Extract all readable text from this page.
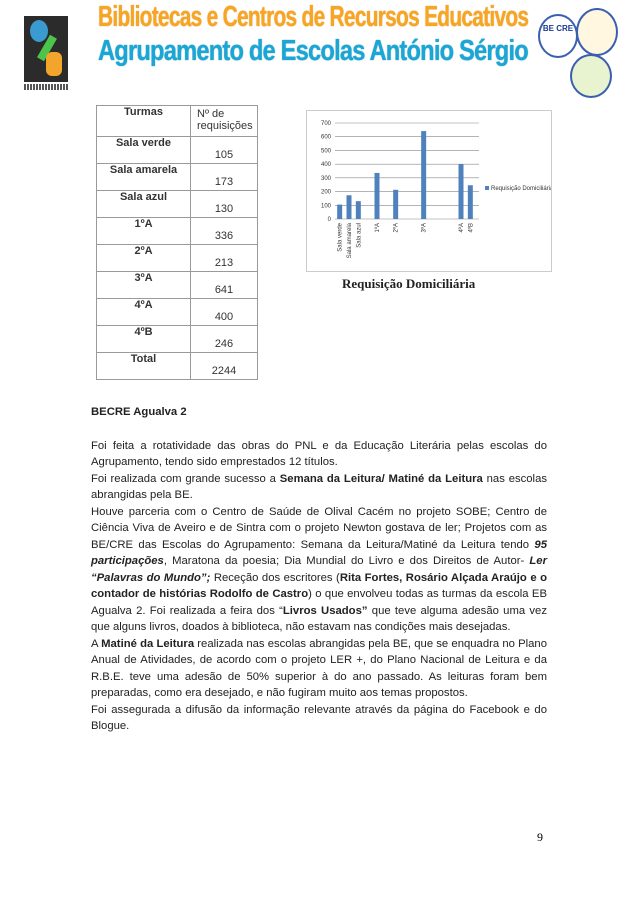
Bibliotecas e Centros de Recursos Educativos
Agrupamento de Escolas António Sérgio
BE CRE
Turmas	Nº de requisições
Sala verde	105
Sala amarela	173
Sala azul	130
1ºA	336
2ºA	213
3ºA	641
4ºA	400
4ºB	246
Total	2244
0
100
200
300
400
500
600
700
Sala verde Sala amarela Sala azul 1ºA 2ºA	3ºA	4ºA 4ºB
Requisição Domiciliária
Requisição Domiciliária
BECRE Agualva 2

Foi feita a rotatividade das obras do PNL e da Educação Literária pelas escolas do Agrupamento, tendo sido emprestados 12 títulos.

Foi realizada com grande sucesso a Semana da Leitura/ Matiné da Leitura nas escolas abrangidas pela BE.

Houve parceria com o Centro de Saúde de Olival Cacém no projeto SOBE; Centro de Ciência Viva de Aveiro e de Sintra com o projeto Newton gostava de ler; Projetos com as BE/CRE das Escolas do Agrupamento: Semana da Leitura/Matiné da Leitura tendo 95 participações, Maratona da poesia; Dia Mundial do Livro e dos Direitos de Autor- Ler “Palavras do Mundo”; Receção dos escritores (Rita Fortes, Rosário Alçada Araújo e o contador de histórias Rodolfo de Castro) o que envolveu todas as turmas da escola EB Agualva 2. Foi realizada a feira dos “Livros Usados” que teve alguma adesão uma vez que alguns livros, doados à biblioteca, não estavam nas condições mais desejadas.

A Matiné da Leitura realizada nas escolas abrangidas pela BE, que se enquadra no Plano Anual de Atividades, de acordo com o projeto LER +, do Plano Nacional de Leitura e da R.B.E. teve uma adesão de 50% superior à do ano passado. As leituras foram bem preparadas, como era desejado, e não fugiram muito aos temas propostos.

Foi assegurada a difusão da informação relevante através da página do Facebook e do Blogue.

9
